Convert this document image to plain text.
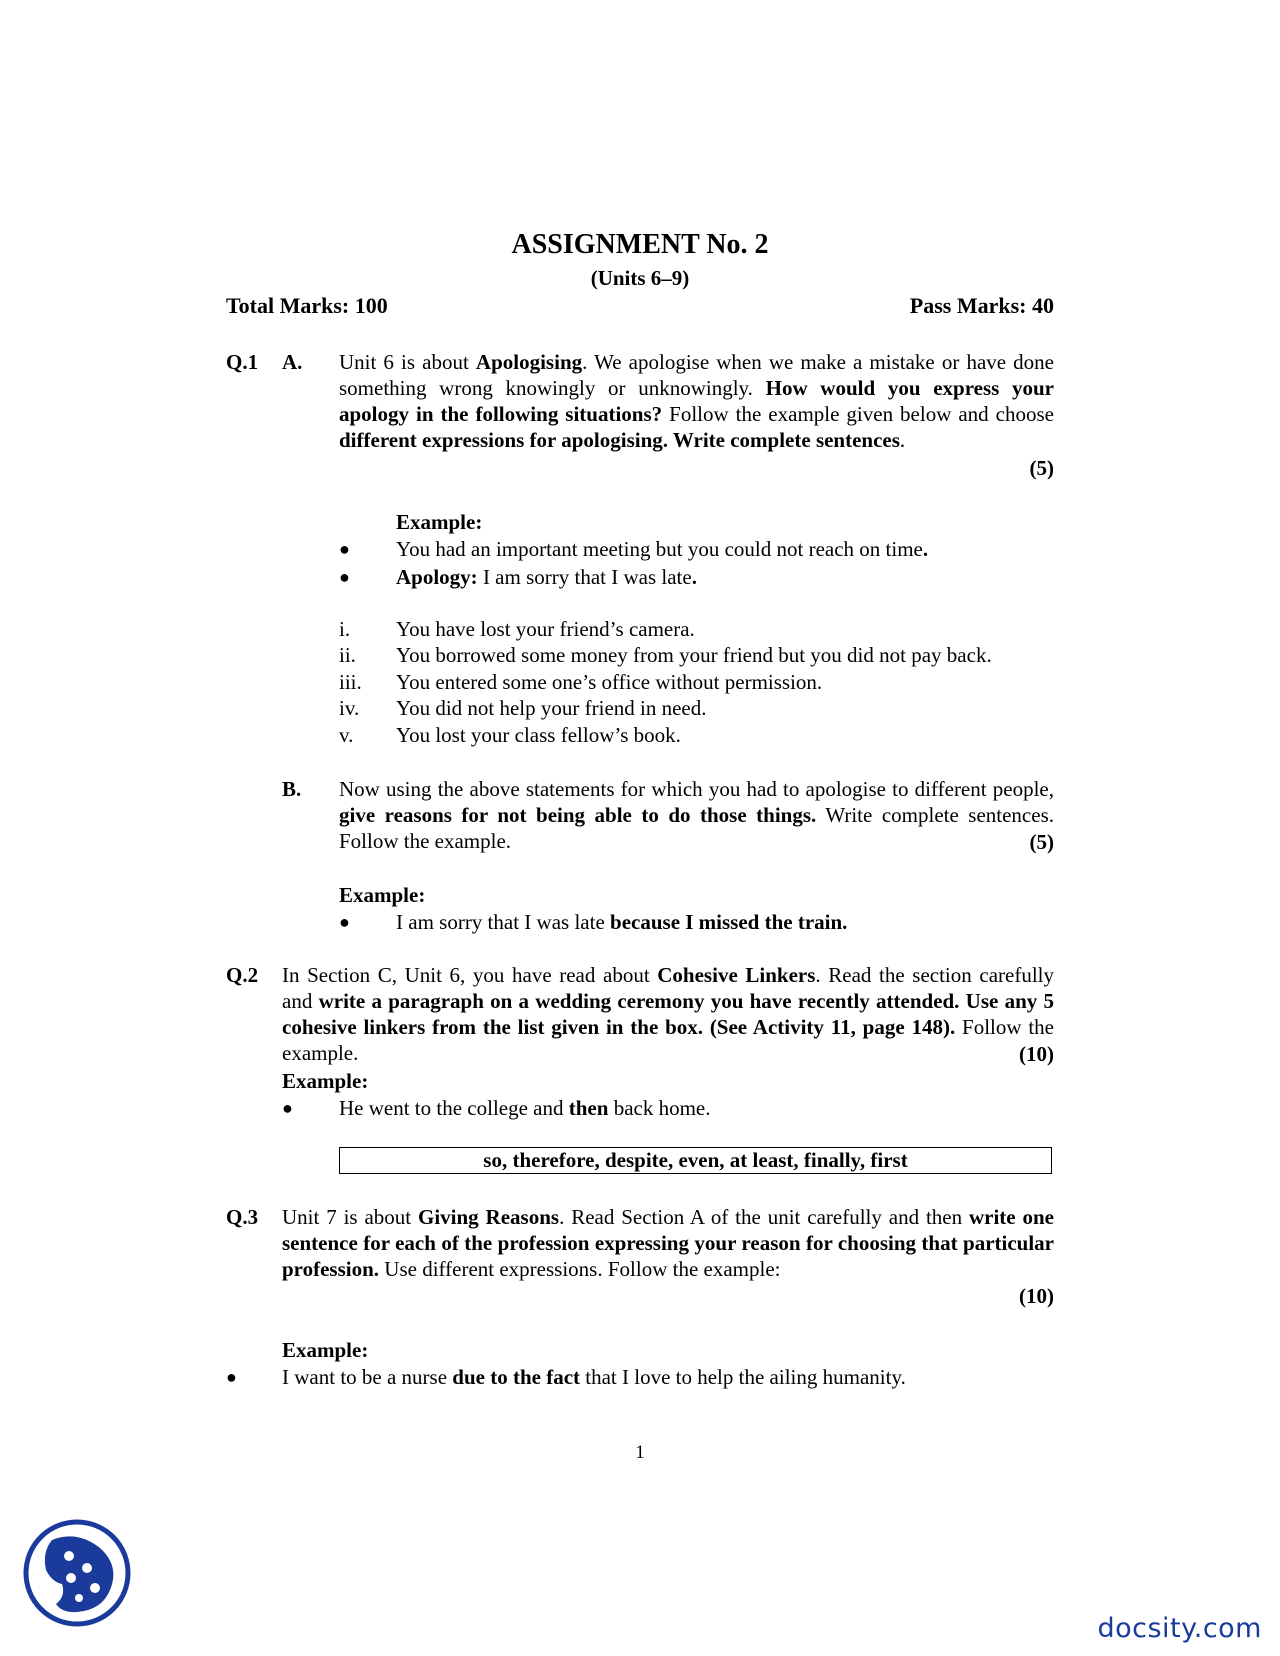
ASSIGNMENT No. 2
(Units 6–9)
Total Marks: 100	Pass Marks: 40
Q.1 A. Unit 6 is about Apologising. We apologise when we make a mistake or have done something wrong knowingly or unknowingly. How would you express your apology in the following situations? Follow the example given below and choose different expressions for apologising. Write complete sentences.
(5)
Example:
● You had an important meeting but you could not reach on time.
● Apology: I am sorry that I was late.
i. You have lost your friend’s camera.
ii. You borrowed some money from your friend but you did not pay back.
iii. You entered some one’s office without permission.
iv. You did not help your friend in need.
v. You lost your class fellow’s book.
B. Now using the above statements for which you had to apologise to different people, give reasons for not being able to do those things. Write complete sentences. Follow the example.	(5)
Example:
● I am sorry that I was late because I missed the train.
Q.2 In Section C, Unit 6, you have read about Cohesive Linkers. Read the section carefully and write a paragraph on a wedding ceremony you have recently attended. Use any 5 cohesive linkers from the list given in the box. (See Activity 11, page 148). Follow the example.	(10)
Example:
● He went to the college and then back home.
so, therefore, despite, even, at least, finally, first
Q.3 Unit 7 is about Giving Reasons. Read Section A of the unit carefully and then write one sentence for each of the profession expressing your reason for choosing that particular profession. Use different expressions. Follow the example:
(10)
Example:
● I want to be a nurse due to the fact that I love to help the ailing humanity.
1
docsity.com
